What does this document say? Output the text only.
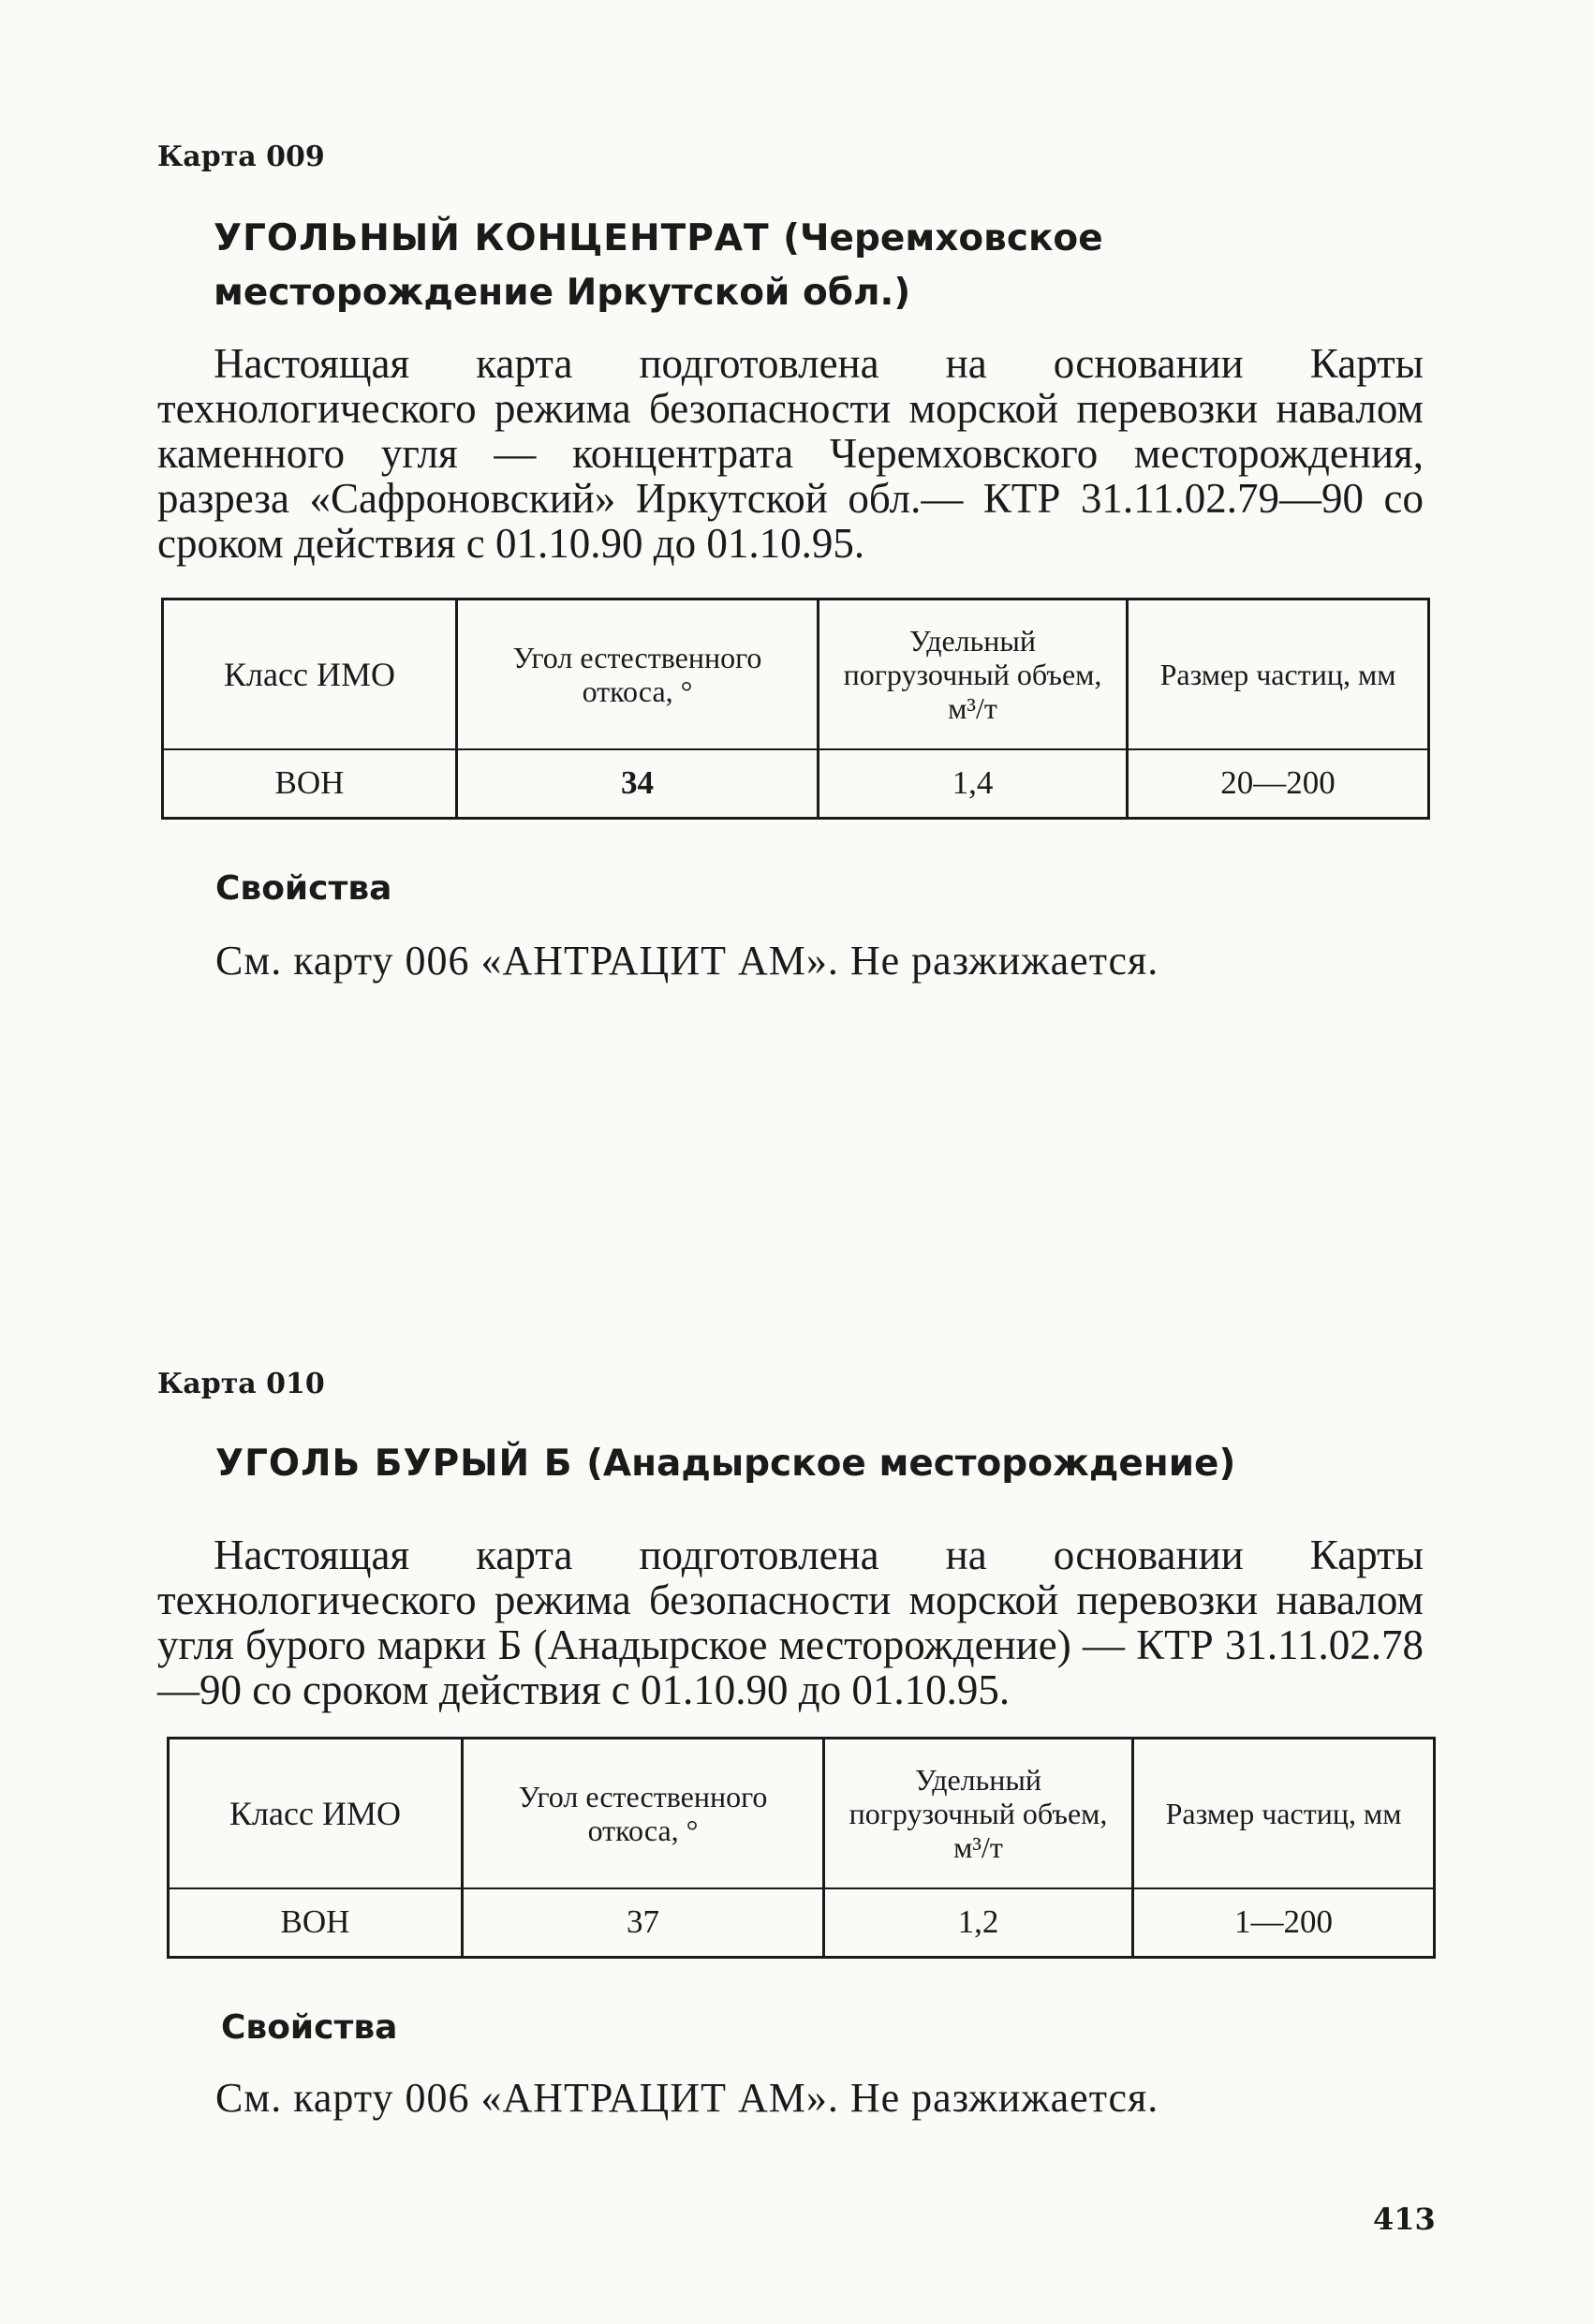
Карта 009
УГОЛЬНЫЙ КОНЦЕНТРАТ (Черемховское месторождение Иркутской обл.)

Настоящая карта подготовлена на основании Карты технологического режима безопасности морской перевозки навалом каменного угля — концентрата Черемховского месторождения, разреза «Сафроновский» Иркутской обл.— КТР 31.11.02.79—90 со сроком действия с 01.10.90 до 01.10.95.

Класс ИМО	Угол естественного откоса, °	Удельный погрузочный объем, м³/т	Размер частиц, мм
ВОН	34	1,4	20—200
Свойства
См. карту 006 «АНТРАЦИТ АМ». Не разжижается.
Карта 010
УГОЛЬ БУРЫЙ Б (Анадырское месторождение)

Настоящая карта подготовлена на основании Карты технологического режима безопасности морской перевозки навалом угля бурого марки Б (Анадырское месторождение) — КТР 31.11.02.78—90 со сроком действия с 01.10.90 до 01.10.95.

Класс ИМО	Угол естественного откоса, °	Удельный погрузочный объем, м³/т	Размер частиц, мм
ВОН	37	1,2	1—200
Свойства
См. карту 006 «АНТРАЦИТ АМ». Не разжижается.
413
